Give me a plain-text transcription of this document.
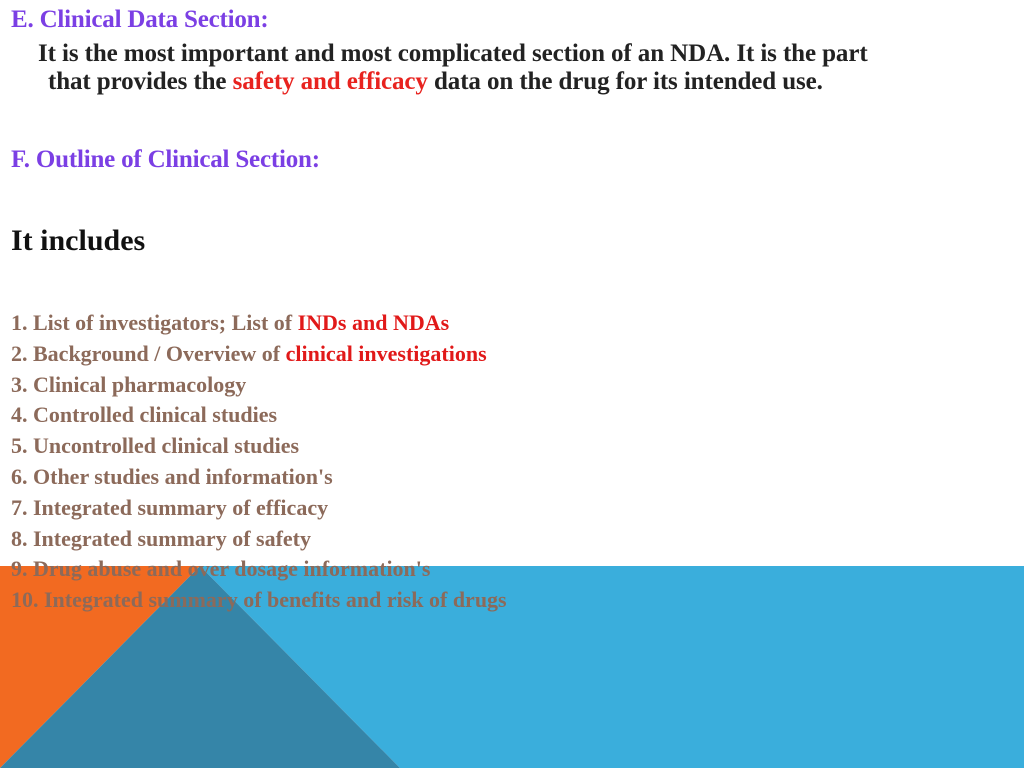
E. Clinical Data Section:
It is the most important and most complicated section of an NDA. It is the part
that provides the safety and efficacy data on the drug for its intended use.
F. Outline of Clinical Section:
It includes
1. List of investigators; List of INDs and NDAs
2. Background / Overview of clinical investigations
3. Clinical pharmacology
4. Controlled clinical studies
5. Uncontrolled clinical studies
6. Other studies and information's
7. Integrated summary of efficacy
8. Integrated summary of safety
9. Drug abuse and over dosage information's
10. Integrated summary of benefits and risk of drugs
